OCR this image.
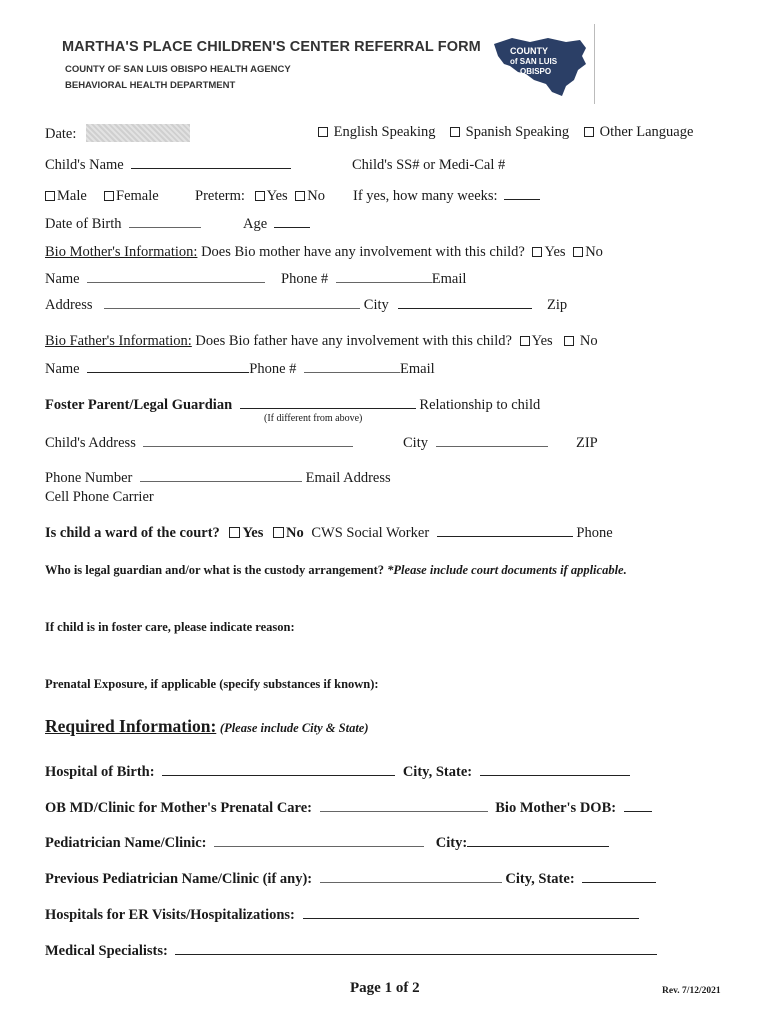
MARTHA'S PLACE CHILDREN'S CENTER REFERRAL FORM
COUNTY OF SAN LUIS OBISPO HEALTH AGENCY
BEHAVIORAL HEALTH DEPARTMENT
COUNTY
of SAN LUIS
OBISPO
Date:	English Speaking	Spanish Speaking	Other Language
Child's Name	Child's SS# or Medi-Cal #
Male	Female	Preterm: Yes No If yes, how many weeks:
Date of Birth	Age
Bio Mother's Information: Does Bio mother have any involvement with this child? Yes No
Name	Phone #	Email
Address	City	Zip
Bio Father's Information: Does Bio father have any involvement with this child? Yes No
Name	Phone #	Email
Foster Parent/Legal Guardian	Relationship to child
(If different from above)
Child's Address	City	ZIP
Phone Number	Email Address
Cell Phone Carrier
Is child a ward of the court? Yes No CWS Social Worker	Phone
Who is legal guardian and/or what is the custody arrangement? *Please include court documents if applicable.
If child is in foster care, please indicate reason:
Prenatal Exposure, if applicable (specify substances if known):
Required Information: (Please include City & State)
Hospital of Birth:	City, State:
OB MD/Clinic for Mother's Prenatal Care:	Bio Mother's DOB:
Pediatrician Name/Clinic:	City:
Previous Pediatrician Name/Clinic (if any):	City, State:
Hospitals for ER Visits/Hospitalizations:
Medical Specialists:
Page 1 of 2	Rev. 7/12/2021
